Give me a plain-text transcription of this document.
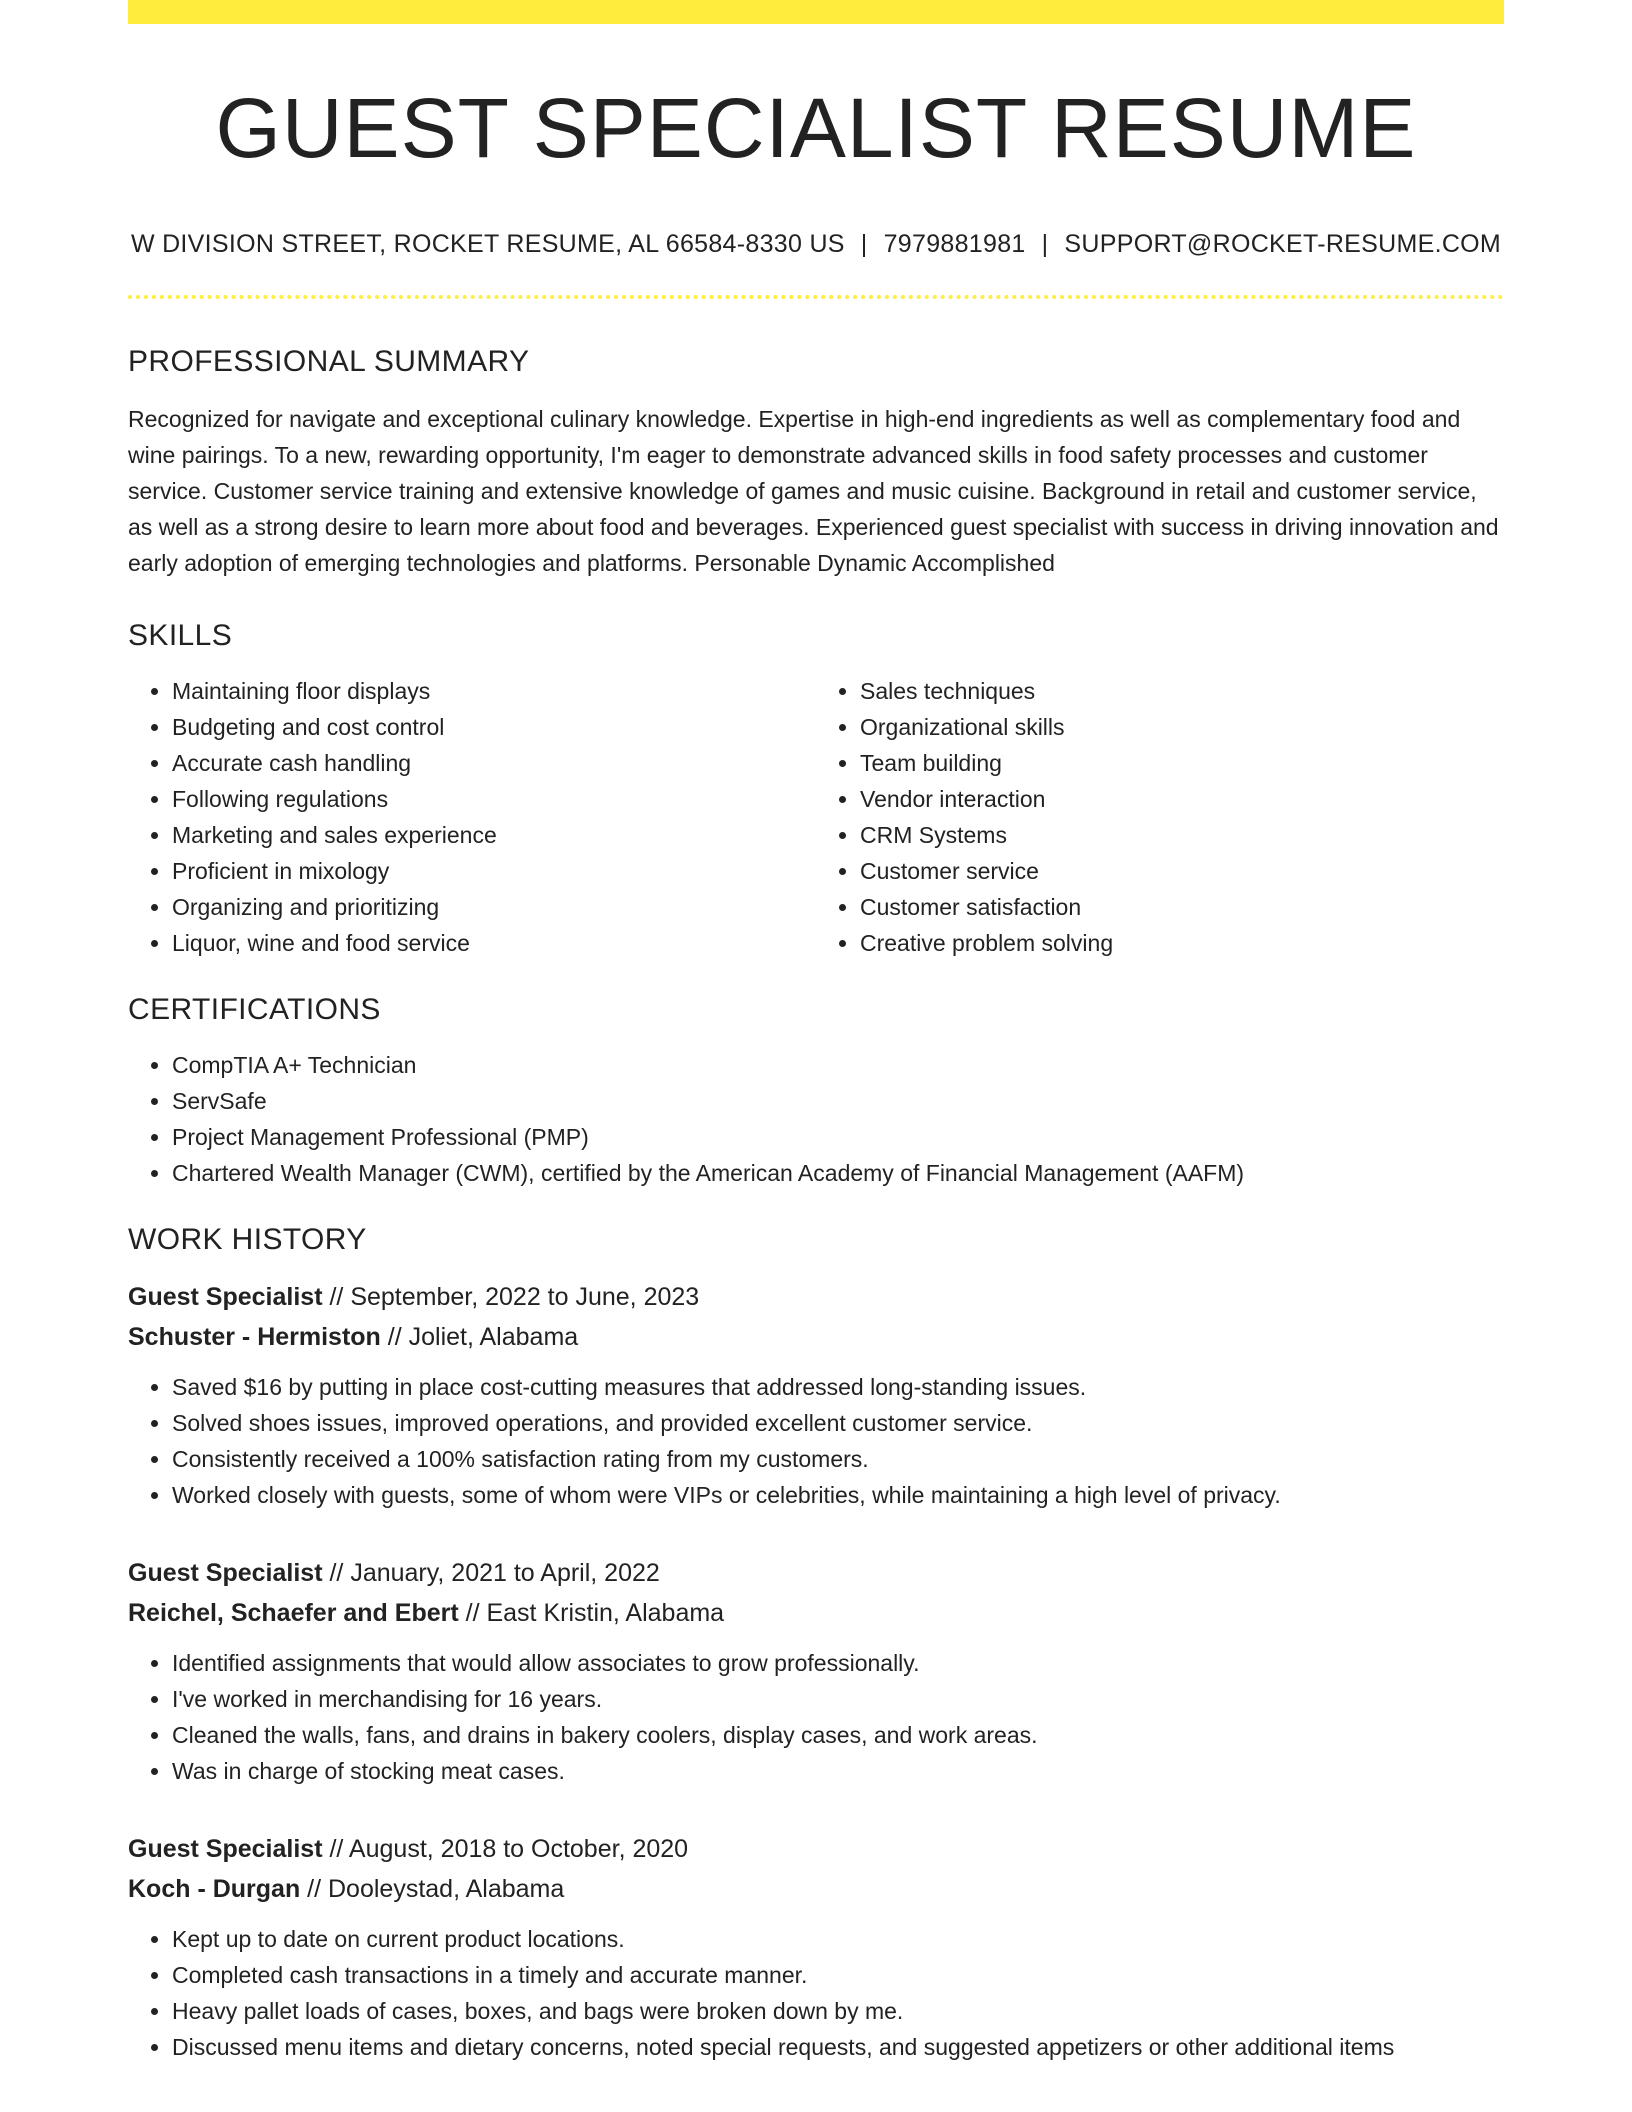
GUEST SPECIALIST RESUME
W DIVISION STREET, ROCKET RESUME, AL 66584-8330 US | 7979881981 | SUPPORT@ROCKET-RESUME.COM
PROFESSIONAL SUMMARY

Recognized for navigate and exceptional culinary knowledge. Expertise in high-end ingredients as well as complementary food and wine pairings. To a new, rewarding opportunity, I'm eager to demonstrate advanced skills in food safety processes and customer service. Customer service training and extensive knowledge of games and music cuisine. Background in retail and customer service, as well as a strong desire to learn more about food and beverages. Experienced guest specialist with success in driving innovation and early adoption of emerging technologies and platforms. Personable Dynamic Accomplished

SKILLS
• Maintaining floor displays
• Budgeting and cost control
• Accurate cash handling
• Following regulations
• Marketing and sales experience
• Proficient in mixology
• Organizing and prioritizing
• Liquor, wine and food service
• Sales techniques
• Organizational skills
• Team building
• Vendor interaction
• CRM Systems
• Customer service
• Customer satisfaction
• Creative problem solving
CERTIFICATIONS
• CompTIA A+ Technician
• ServSafe
• Project Management Professional (PMP)
• Chartered Wealth Manager (CWM), certified by the American Academy of Financial Management (AAFM)
WORK HISTORY
Guest Specialist // September, 2022 to June, 2023
Schuster - Hermiston // Joliet, Alabama
• Saved $16 by putting in place cost-cutting measures that addressed long-standing issues.
• Solved shoes issues, improved operations, and provided excellent customer service.
• Consistently received a 100% satisfaction rating from my customers.
• Worked closely with guests, some of whom were VIPs or celebrities, while maintaining a high level of privacy.
Guest Specialist // January, 2021 to April, 2022
Reichel, Schaefer and Ebert // East Kristin, Alabama
• Identified assignments that would allow associates to grow professionally.
• I've worked in merchandising for 16 years.
• Cleaned the walls, fans, and drains in bakery coolers, display cases, and work areas.
• Was in charge of stocking meat cases.
Guest Specialist // August, 2018 to October, 2020
Koch - Durgan // Dooleystad, Alabama
• Kept up to date on current product locations.
• Completed cash transactions in a timely and accurate manner.
• Heavy pallet loads of cases, boxes, and bags were broken down by me.
• Discussed menu items and dietary concerns, noted special requests, and suggested appetizers or other additional items
